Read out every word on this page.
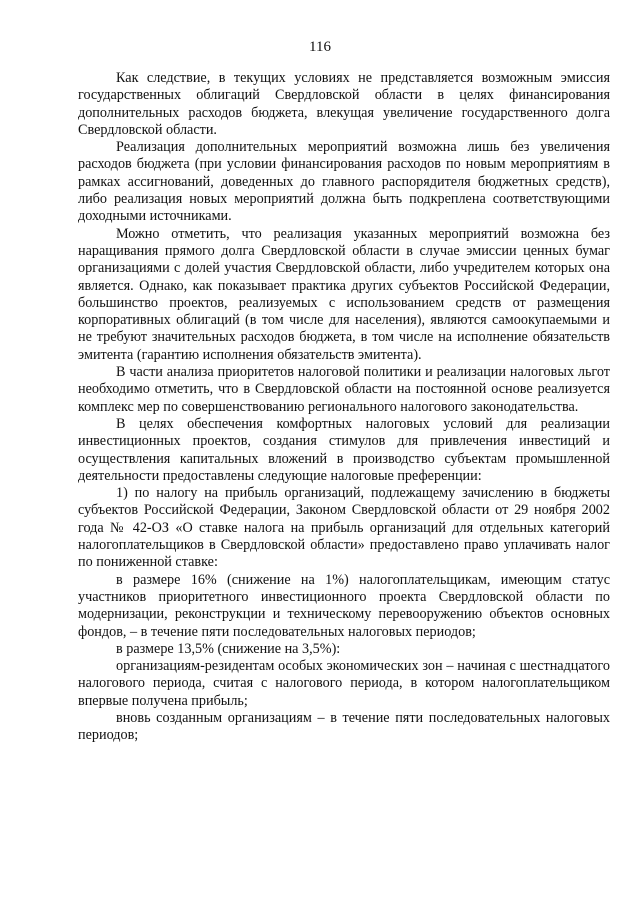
116

Как следствие, в текущих условиях не представляется возможным эмиссия государственных облигаций Свердловской области в целях финансирования дополнительных расходов бюджета, влекущая увеличение государственного долга Свердловской области.

Реализация дополнительных мероприятий возможна лишь без увеличения расходов бюджета (при условии финансирования расходов по новым мероприятиям в рамках ассигнований, доведенных до главного распорядителя бюджетных средств), либо реализация новых мероприятий должна быть подкреплена соответствующими доходными источниками.

Можно отметить, что реализация указанных мероприятий возможна без наращивания прямого долга Свердловской области в случае эмиссии ценных бумаг организациями с долей участия Свердловской области, либо учредителем которых она является. Однако, как показывает практика других субъектов Российской Федерации, большинство проектов, реализуемых с использованием средств от размещения корпоративных облигаций (в том числе для населения), являются самоокупаемыми и не требуют значительных расходов бюджета, в том числе на исполнение обязательств эмитента (гарантию исполнения обязательств эмитента).

В части анализа приоритетов налоговой политики и реализации налоговых льгот необходимо отметить, что в Свердловской области на постоянной основе реализуется комплекс мер по совершенствованию регионального налогового законодательства.

В целях обеспечения комфортных налоговых условий для реализации инвестиционных проектов, создания стимулов для привлечения инвестиций и осуществления капитальных вложений в производство субъектам промышленной деятельности предоставлены следующие налоговые преференции:

1) по налогу на прибыль организаций, подлежащему зачислению в бюджеты субъектов Российской Федерации, Законом Свердловской области от 29 ноября 2002 года № 42-ОЗ «О ставке налога на прибыль организаций для отдельных категорий налогоплательщиков в Свердловской области» предоставлено право уплачивать налог по пониженной ставке:

в размере 16% (снижение на 1%) налогоплательщикам, имеющим статус участников приоритетного инвестиционного проекта Свердловской области по модернизации, реконструкции и техническому перевооружению объектов основных фондов, – в течение пяти последовательных налоговых периодов;

в размере 13,5% (снижение на 3,5%):

организациям-резидентам особых экономических зон – начиная с шестнадцатого налогового периода, считая с налогового периода, в котором налогоплательщиком впервые получена прибыль;

вновь созданным организациям – в течение пяти последовательных налоговых периодов;
